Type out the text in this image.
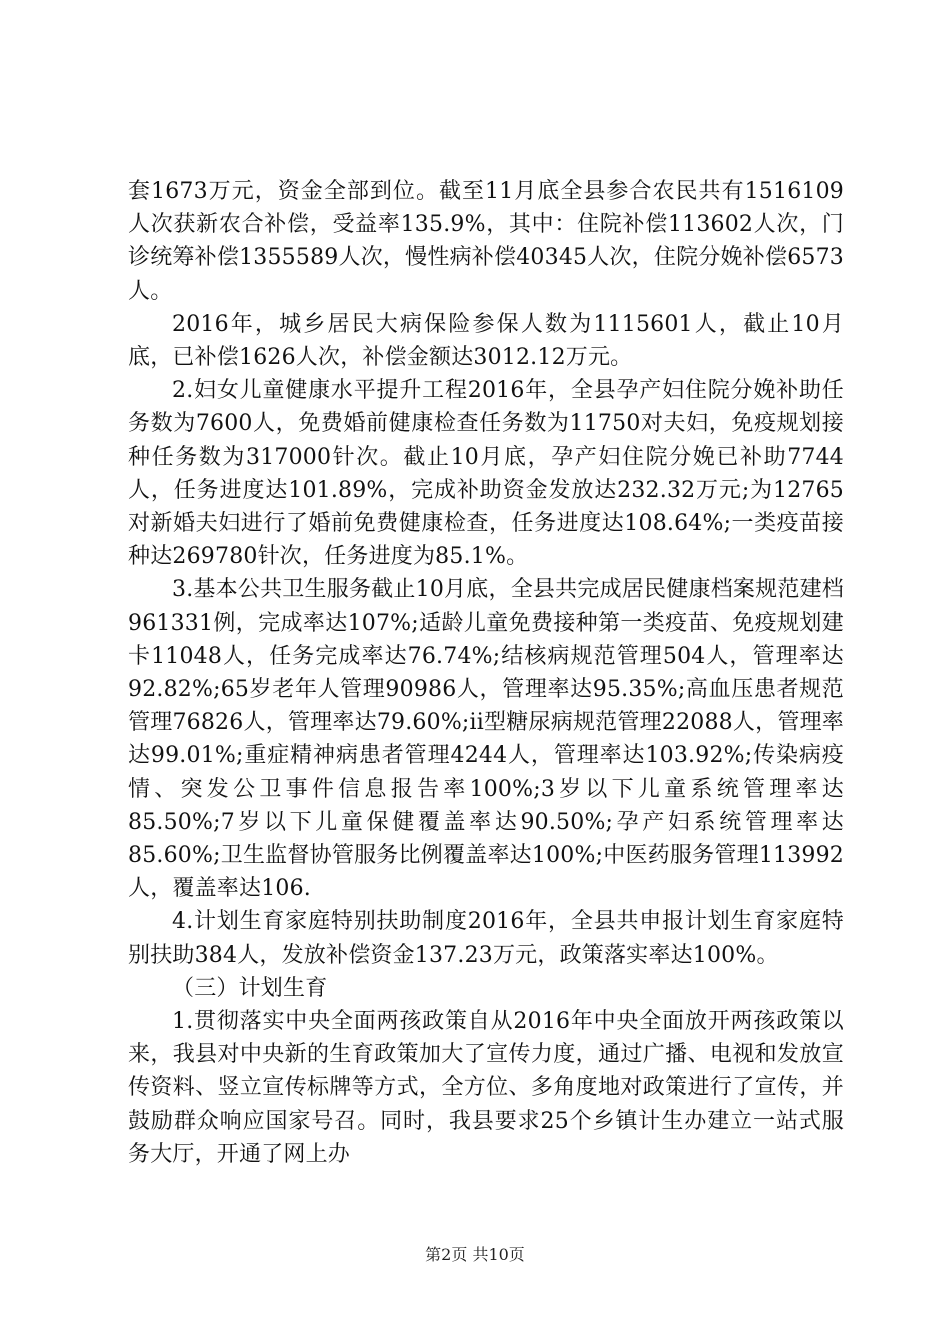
套1673万元，资金全部到位。截至11月底全县参合农民共有1516109人次获新农合补偿，受益率135.9%，其中：住院补偿113602人次，门诊统筹补偿1355589人次，慢性病补偿40345人次，住院分娩补偿6573人。

2016年，城乡居民大病保险参保人数为1115601人，截止10月底，已补偿1626人次，补偿金额达3012.12万元。

2.妇女儿童健康水平提升工程2016年，全县孕产妇住院分娩补助任务数为7600人，免费婚前健康检查任务数为11750对夫妇，免疫规划接种任务数为317000针次。截止10月底，孕产妇住院分娩已补助7744人，任务进度达101.89%，完成补助资金发放达232.32万元;为12765对新婚夫妇进行了婚前免费健康检查，任务进度达108.64%;一类疫苗接种达269780针次，任务进度为85.1%。

3.基本公共卫生服务截止10月底，全县共完成居民健康档案规范建档961331例，完成率达107%;适龄儿童免费接种第一类疫苗、免疫规划建卡11048人，任务完成率达76.74%;结核病规范管理504人，管理率达92.82%;65岁老年人管理90986人，管理率达95.35%;高血压患者规范管理76826人，管理率达79.60%;ii型糖尿病规范管理22088人，管理率达99.01%;重症精神病患者管理4244人，管理率达103.92%;传染病疫情、突发公卫事件信息报告率100%;3岁以下儿童系统管理率达85.50%;7岁以下儿童保健覆盖率达90.50%;孕产妇系统管理率达85.60%;卫生监督协管服务比例覆盖率达100%;中医药服务管理113992人，覆盖率达106.

4.计划生育家庭特别扶助制度2016年，全县共申报计划生育家庭特别扶助384人，发放补偿资金137.23万元，政策落实率达100%。

（三）计划生育

1.贯彻落实中央全面两孩政策自从2016年中央全面放开两孩政策以来，我县对中央新的生育政策加大了宣传力度，通过广播、电视和发放宣传资料、竖立宣传标牌等方式，全方位、多角度地对政策进行了宣传，并鼓励群众响应国家号召。同时，我县要求25个乡镇计生办建立一站式服务大厅，开通了网上办

第2页 共10页
